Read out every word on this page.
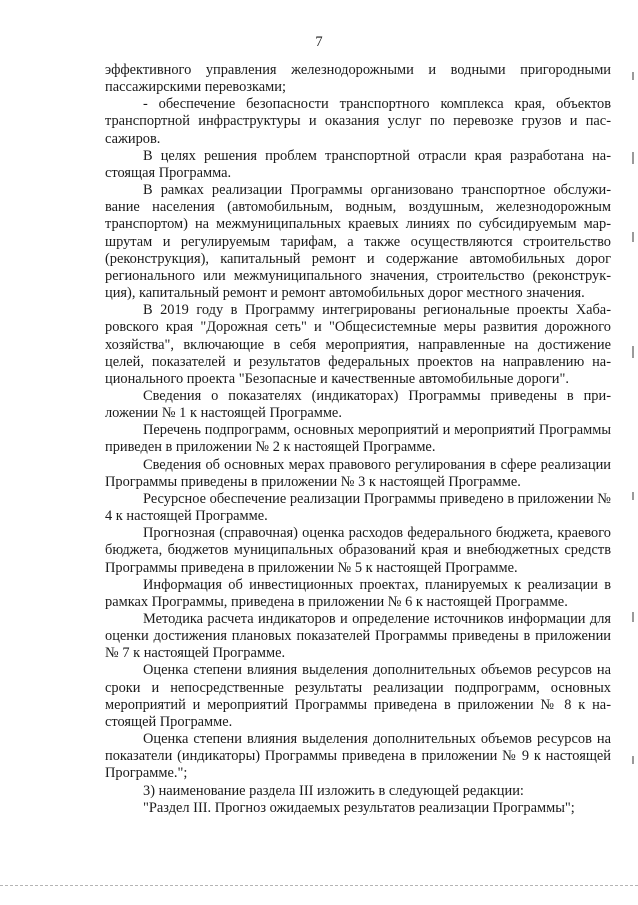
7

эффективного управления железнодорожными и водными пригородными пассажирскими перевозками;

- обеспечение безопасности транспортного комплекса края, объектов транспортной инфраструктуры и оказания услуг по перевозке грузов и пассажиров.

В целях решения проблем транспортной отрасли края разработана настоящая Программа.

В рамках реализации Программы организовано транспортное обслуживание населения (автомобильным, водным, воздушным, железнодорожным транспортом) на межмуниципальных краевых линиях по субсидируемым маршрутам и регулируемым тарифам, а также осуществляются строительство (реконструкция), капитальный ремонт и содержание автомобильных дорог регионального или межмуниципального значения, строительство (реконструкция), капитальный ремонт и ремонт автомобильных дорог местного значения.

В 2019 году в Программу интегрированы региональные проекты Хабаровского края "Дорожная сеть" и "Общесистемные меры развития дорожного хозяйства", включающие в себя мероприятия, направленные на достижение целей, показателей и результатов федеральных проектов на направлению национального проекта "Безопасные и качественные автомобильные дороги".

Сведения о показателях (индикаторах) Программы приведены в приложении № 1 к настоящей Программе.

Перечень подпрограмм, основных мероприятий и мероприятий Программы приведен в приложении № 2 к настоящей Программе.

Сведения об основных мерах правового регулирования в сфере реализации Программы приведены в приложении № 3 к настоящей Программе.

Ресурсное обеспечение реализации Программы приведено в приложении № 4 к настоящей Программе.

Прогнозная (справочная) оценка расходов федерального бюджета, краевого бюджета, бюджетов муниципальных образований края и внебюджетных средств Программы приведена в приложении № 5 к настоящей Программе.

Информация об инвестиционных проектах, планируемых к реализации в рамках Программы, приведена в приложении № 6 к настоящей Программе.

Методика расчета индикаторов и определение источников информации для оценки достижения плановых показателей Программы приведены в приложении № 7 к настоящей Программе.

Оценка степени влияния выделения дополнительных объемов ресурсов на сроки и непосредственные результаты реализации подпрограмм, основных мероприятий и мероприятий Программы приведена в приложении № 8 к настоящей Программе.

Оценка степени влияния выделения дополнительных объемов ресурсов на показатели (индикаторы) Программы приведена в приложении № 9 к настоящей Программе.";

3) наименование раздела III изложить в следующей редакции:

"Раздел III. Прогноз ожидаемых результатов реализации Программы";
